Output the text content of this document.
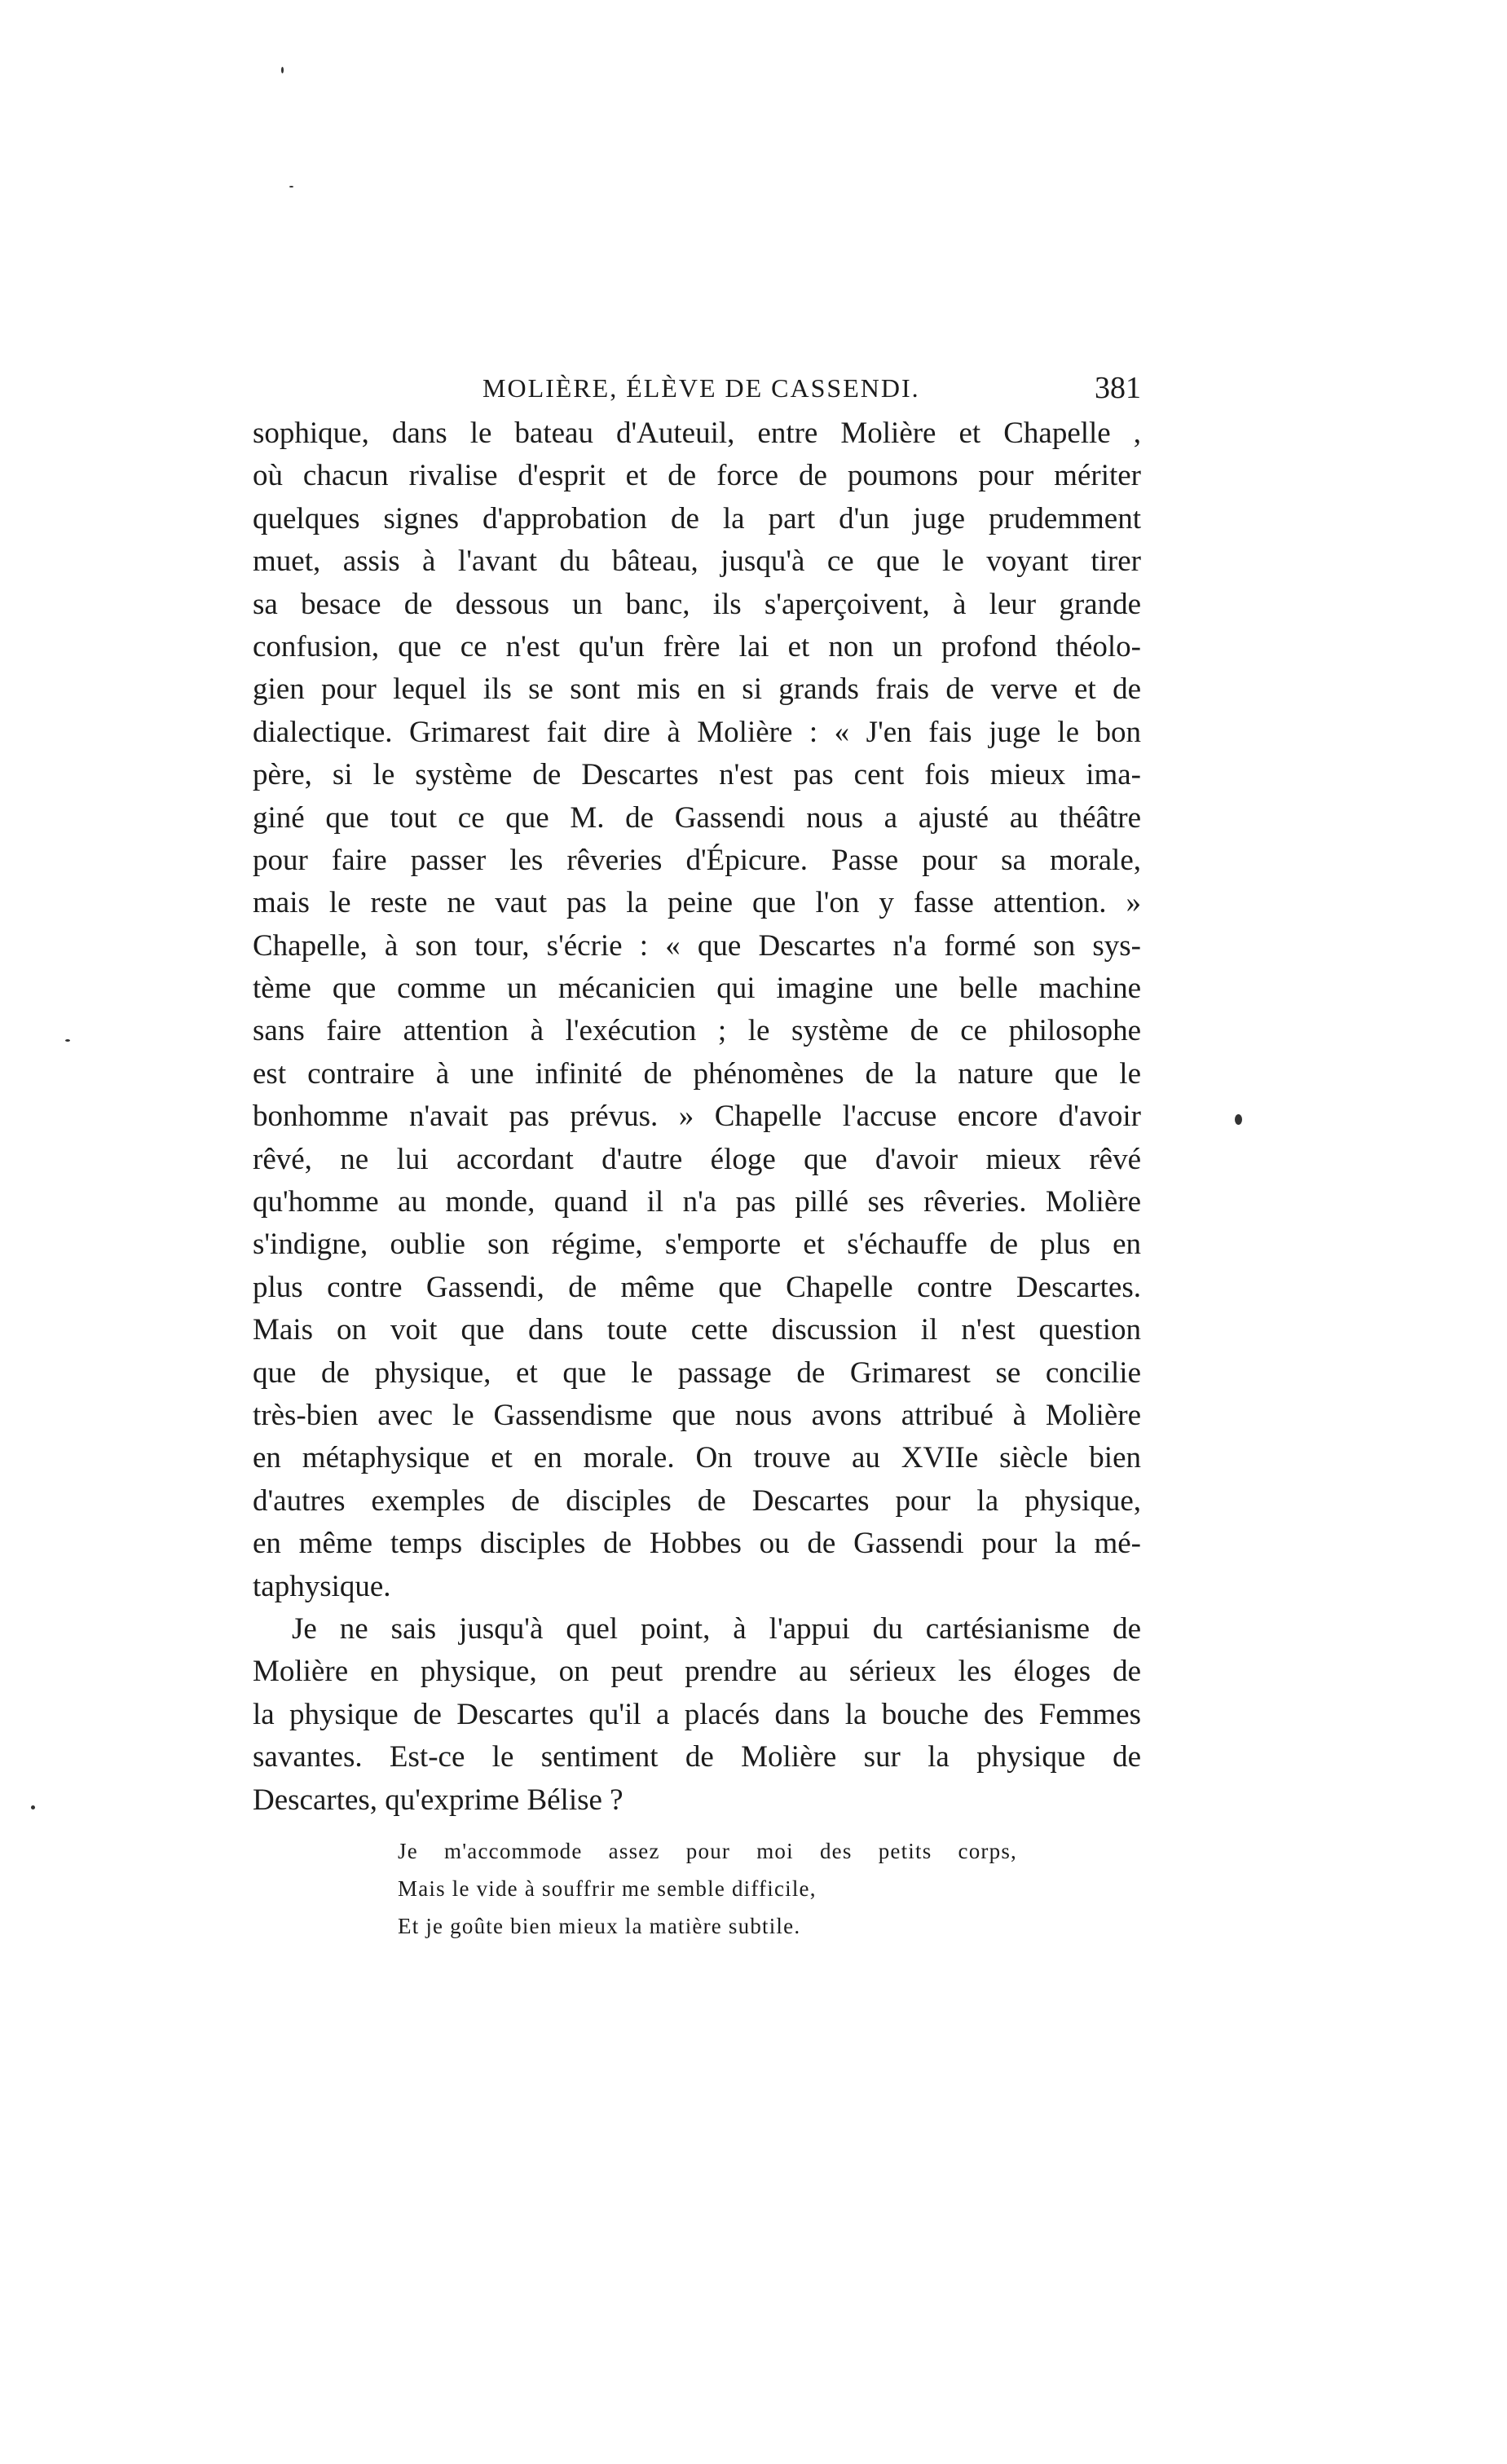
MOLIÈRE, ÉLÈVE DE CASSENDI.	381
sophique, dans le bateau d'Auteuil, entre Molière et Chapelle ,
où chacun rivalise d'esprit et de force de poumons pour mériter
quelques signes d'approbation de la part d'un juge prudemment
muet, assis à l'avant du bâteau, jusqu'à ce que le voyant tirer
sa besace de dessous un banc, ils s'aperçoivent, à leur grande
confusion, que ce n'est qu'un frère lai et non un profond théolo-
gien pour lequel ils se sont mis en si grands frais de verve et de
dialectique. Grimarest fait dire à Molière : « J'en fais juge le bon
père, si le système de Descartes n'est pas cent fois mieux ima-
giné que tout ce que M. de Gassendi nous a ajusté au théâtre
pour faire passer les rêveries d'Épicure. Passe pour sa morale,
mais le reste ne vaut pas la peine que l'on y fasse attention. »
Chapelle, à son tour, s'écrie : « que Descartes n'a formé son sys-
tème que comme un mécanicien qui imagine une belle machine
sans faire attention à l'exécution ; le système de ce philosophe
est contraire à une infinité de phénomènes de la nature que le
bonhomme n'avait pas prévus. » Chapelle l'accuse encore d'avoir
rêvé, ne lui accordant d'autre éloge que d'avoir mieux rêvé
qu'homme au monde, quand il n'a pas pillé ses rêveries. Molière
s'indigne, oublie son régime, s'emporte et s'échauffe de plus en
plus contre Gassendi, de même que Chapelle contre Descartes.
Mais on voit que dans toute cette discussion il n'est question
que de physique, et que le passage de Grimarest se concilie
très-bien avec le Gassendisme que nous avons attribué à Molière
en métaphysique et en morale. On trouve au XVIIe siècle bien
d'autres exemples de disciples de Descartes pour la physique,
en même temps disciples de Hobbes ou de Gassendi pour la mé-
taphysique.
Je ne sais jusqu'à quel point, à l'appui du cartésianisme de
Molière en physique, on peut prendre au sérieux les éloges de
la physique de Descartes qu'il a placés dans la bouche des Femmes
savantes. Est-ce le sentiment de Molière sur la physique de
Descartes, qu'exprime Bélise ?
Je m'accommode assez pour moi des petits corps,
Mais le vide à souffrir me semble difficile,
Et je goûte bien mieux la matière subtile.
